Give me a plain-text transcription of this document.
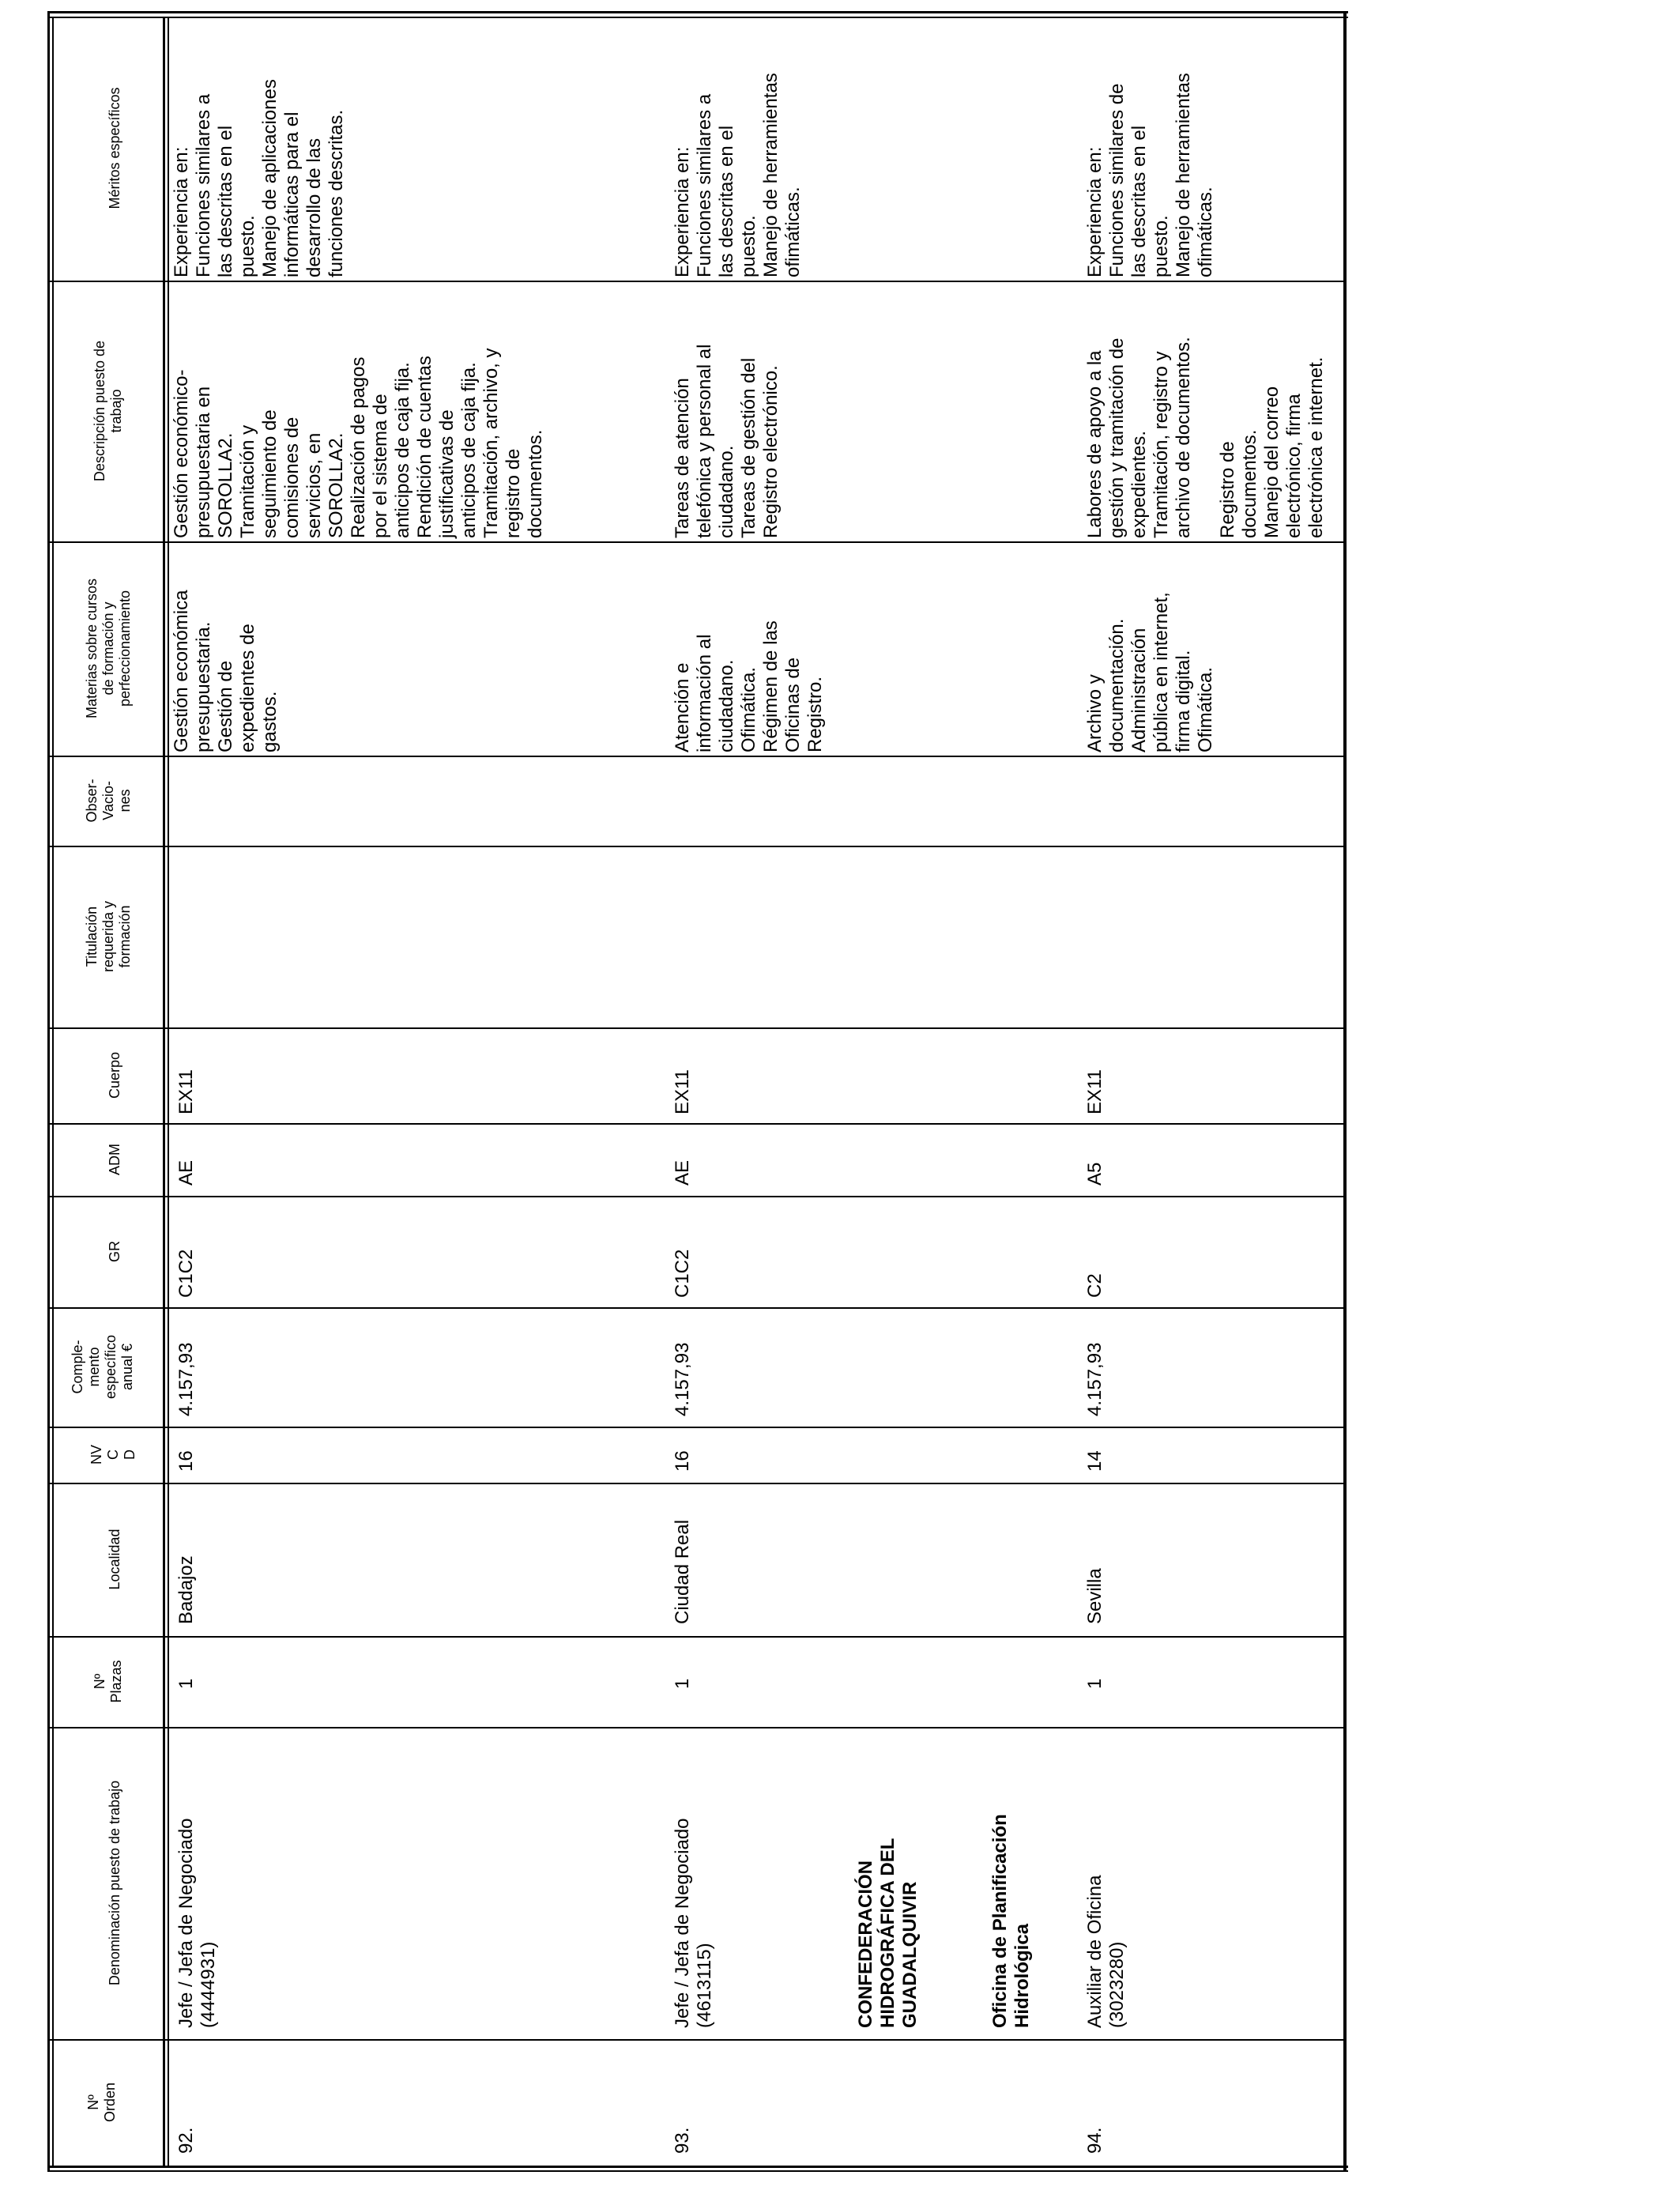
Nº
Orden
Denominación puesto de trabajo
Nº
Plazas
Localidad
NV
C
D
Comple-
mento
específico
anual €
GR
ADM
Cuerpo
Titulación
requerida y
formación
Obser-
Vacio-
nes
Materias sobre cursos
de formación y
perfeccionamiento
Descripción puesto de
trabajo
Méritos específicos
92.
Jefe / Jefa de Negociado
(4444931)
1
Badajoz
16
4.157,93
C1C2
AE
EX11
Gestión económica
presupuestaria.
Gestión de
expedientes de
gastos.
Gestión económico-
presupuestaria en
SOROLLA2.
Tramitación y
seguimiento de
comisiones de
servicios, en
SOROLLA2.
Realización de pagos
por el sistema de
anticipos de caja fija.
Rendición de cuentas
justificativas de
anticipos de caja fija.
Tramitación, archivo, y
registro de
documentos.
Experiencia en:
Funciones similares a
las descritas en el
puesto.
Manejo de aplicaciones
informáticas para el
desarrollo de las
funciones descritas.
93.
Jefe / Jefa de Negociado
(4613115)
1
Ciudad Real
16
4.157,93
C1C2
AE
EX11
Atención e
información al
ciudadano.
Ofimática.
Régimen de las
Oficinas de
Registro.
Tareas de atención
telefónica y personal al
ciudadano.
Tareas de gestión del
Registro electrónico.
Experiencia en:
Funciones similares a
las descritas en el
puesto.
Manejo de herramientas
ofimáticas.
CONFEDERACIÓN
HIDROGRÁFICA DEL
GUADALQUIVIR	Oficina de Planificación
Hidrológica
94.
Auxiliar de Oficina
(3023280)
1
Sevilla
14
4.157,93
C2
A5
EX11
Archivo y
documentación.
Administración
pública en internet,
firma digital.
Ofimática.
Labores de apoyo a la
gestión y tramitación de
expedientes.
Tramitación, registro y
archivo de documentos.

Registro de
documentos.
Manejo del correo
electrónico, firma
electrónica e internet.
Experiencia en:
Funciones similares de
las descritas en el
puesto.
Manejo de herramientas
ofimáticas.
